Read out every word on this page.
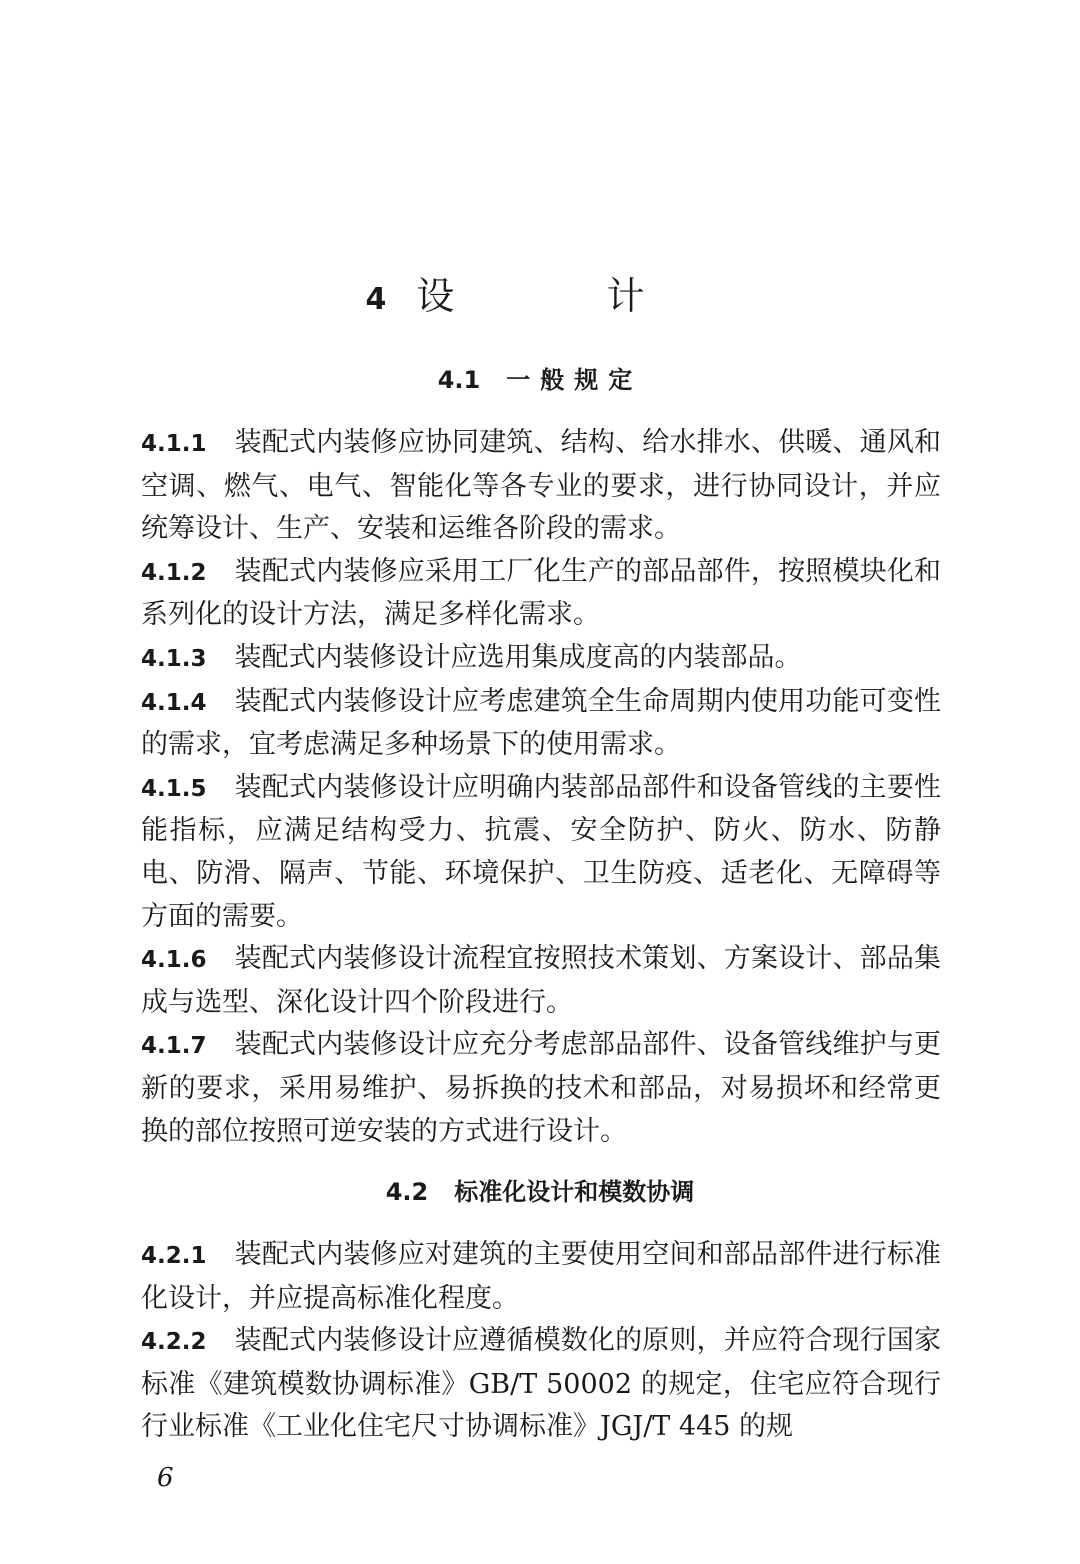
4 设 计
4.1 一般规定

4.1.1 装配式内装修应协同建筑、结构、给水排水、供暖、通风和空调、燃气、电气、智能化等各专业的要求，进行协同设计，并应统筹设计、生产、安装和运维各阶段的需求。

4.1.2 装配式内装修应采用工厂化生产的部品部件，按照模块化和系列化的设计方法，满足多样化需求。

4.1.3 装配式内装修设计应选用集成度高的内装部品。

4.1.4 装配式内装修设计应考虑建筑全生命周期内使用功能可变性的需求，宜考虑满足多种场景下的使用需求。

4.1.5 装配式内装修设计应明确内装部品部件和设备管线的主要性能指标，应满足结构受力、抗震、安全防护、防火、防水、防静电、防滑、隔声、节能、环境保护、卫生防疫、适老化、无障碍等方面的需要。

4.1.6 装配式内装修设计流程宜按照技术策划、方案设计、部品集成与选型、深化设计四个阶段进行。

4.1.7 装配式内装修设计应充分考虑部品部件、设备管线维护与更新的要求，采用易维护、易拆换的技术和部品，对易损坏和经常更换的部位按照可逆安装的方式进行设计。

4.2 标准化设计和模数协调

4.2.1 装配式内装修应对建筑的主要使用空间和部品部件进行标准化设计，并应提高标准化程度。

4.2.2 装配式内装修设计应遵循模数化的原则，并应符合现行国家标准《建筑模数协调标准》GB/T 50002 的规定，住宅应符合现行行业标准《工业化住宅尺寸协调标准》JGJ/T 445 的规

6
